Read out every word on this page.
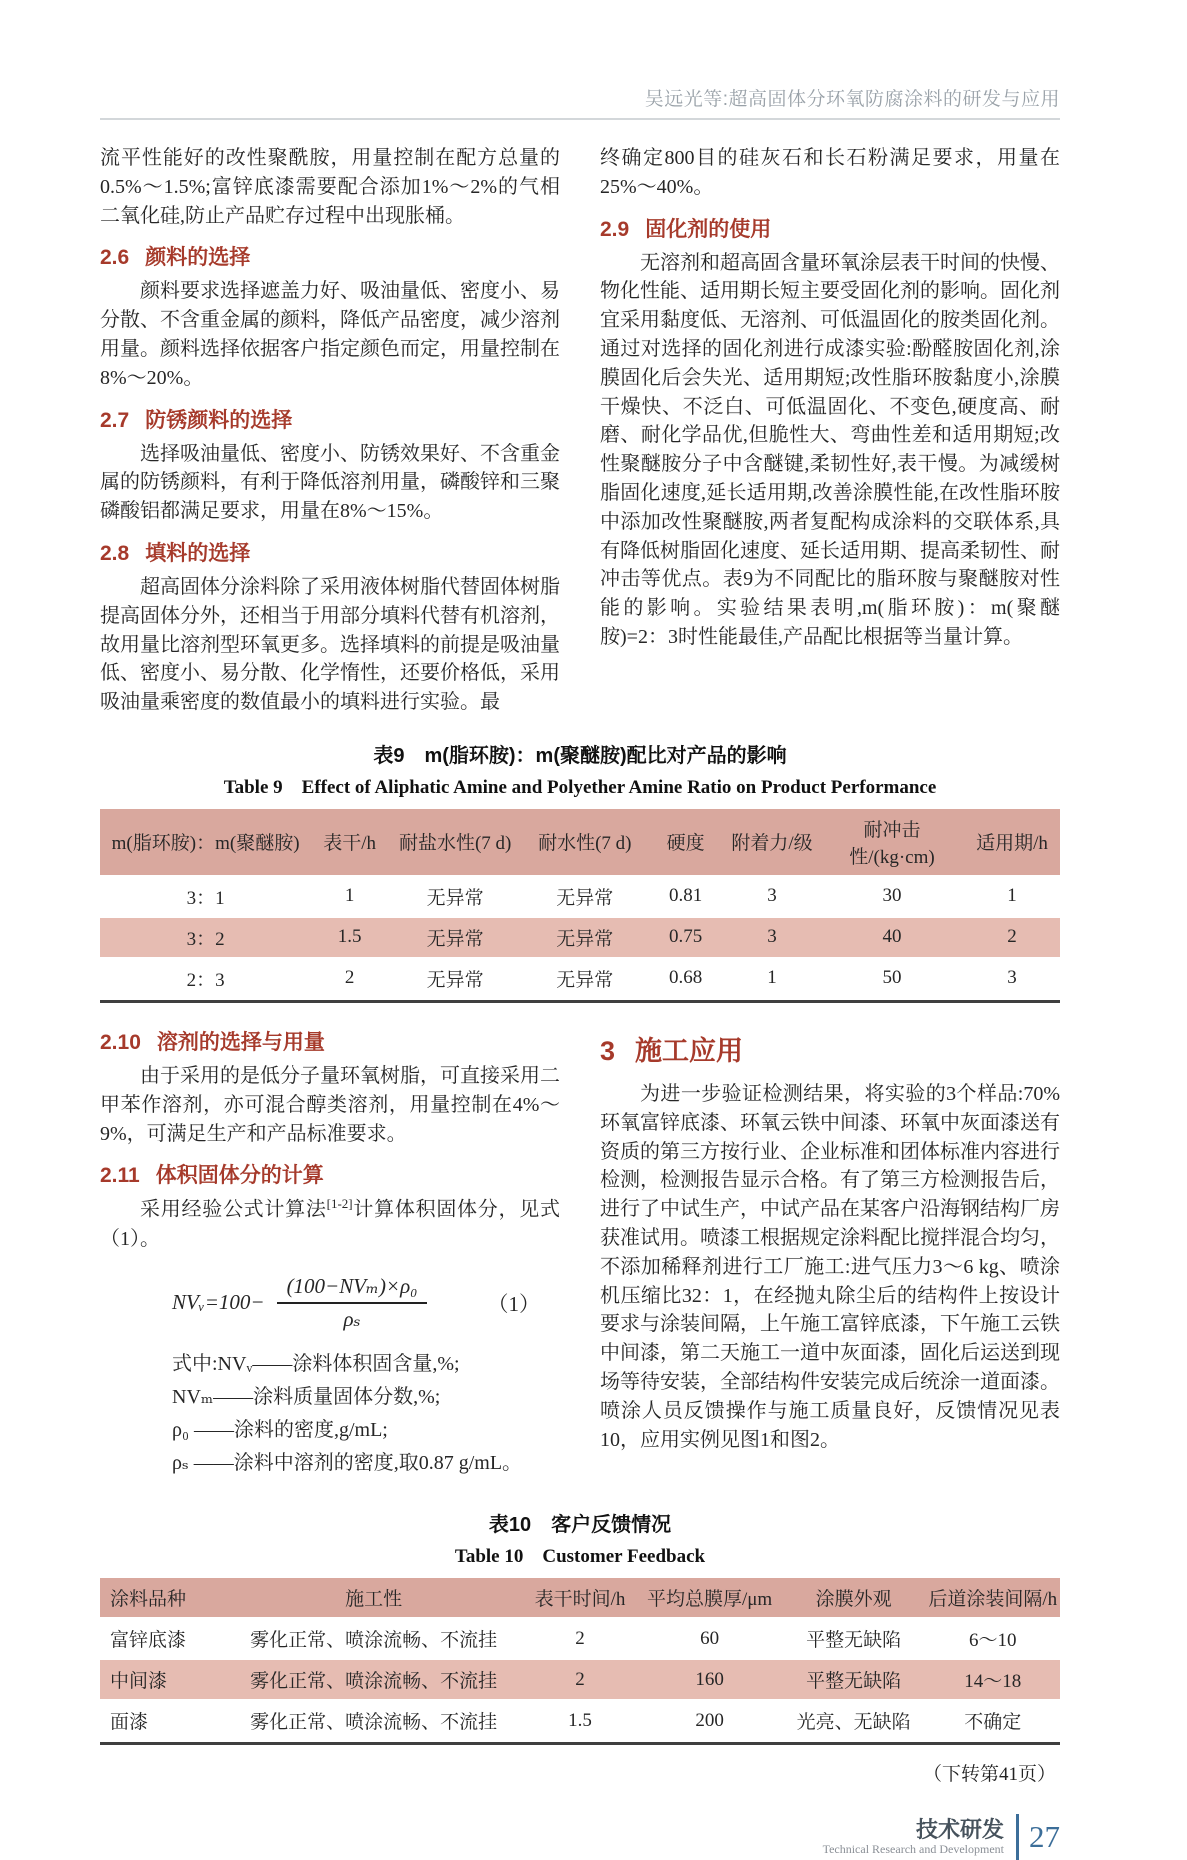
吴远光等:超高固体分环氧防腐涂料的研发与应用

流平性能好的改性聚酰胺，用量控制在配方总量的0.5%～1.5%;富锌底漆需要配合添加1%～2%的气相二氧化硅,防止产品贮存过程中出现胀桶。

2.6 颜料的选择

颜料要求选择遮盖力好、吸油量低、密度小、易分散、不含重金属的颜料，降低产品密度，减少溶剂用量。颜料选择依据客户指定颜色而定，用量控制在8%～20%。

2.7 防锈颜料的选择

选择吸油量低、密度小、防锈效果好、不含重金属的防锈颜料，有利于降低溶剂用量，磷酸锌和三聚磷酸铝都满足要求，用量在8%～15%。

2.8 填料的选择

超高固体分涂料除了采用液体树脂代替固体树脂提高固体分外，还相当于用部分填料代替有机溶剂，故用量比溶剂型环氧更多。选择填料的前提是吸油量低、密度小、易分散、化学惰性，还要价格低，采用吸油量乘密度的数值最小的填料进行实验。最

终确定800目的硅灰石和长石粉满足要求，用量在25%～40%。

2.9 固化剂的使用

无溶剂和超高固含量环氧涂层表干时间的快慢、物化性能、适用期长短主要受固化剂的影响。固化剂宜采用黏度低、无溶剂、可低温固化的胺类固化剂。通过对选择的固化剂进行成漆实验:酚醛胺固化剂,涂膜固化后会失光、适用期短;改性脂环胺黏度小,涂膜干燥快、不泛白、可低温固化、不变色,硬度高、耐磨、耐化学品优,但脆性大、弯曲性差和适用期短;改性聚醚胺分子中含醚键,柔韧性好,表干慢。为减缓树脂固化速度,延长适用期,改善涂膜性能,在改性脂环胺中添加改性聚醚胺,两者复配构成涂料的交联体系,具有降低树脂固化速度、延长适用期、提高柔韧性、耐冲击等优点。表9为不同配比的脂环胺与聚醚胺对性能的影响。实验结果表明,m(脂环胺)：m(聚醚胺)=2：3时性能最佳,产品配比根据等当量计算。

表9　m(脂环胺)：m(聚醚胺)配比对产品的影响
Table 9　Effect of Aliphatic Amine and Polyether Amine Ratio on Product Performance
m(脂环胺)：m(聚醚胺)	表干/h	耐盐水性(7 d)	耐水性(7 d)	硬度	附着力/级	耐冲击性/(kg·cm)	适用期/h
3：1	1	无异常	无异常	0.81	3	30	1
3：2	1.5	无异常	无异常	0.75	3	40	2
2：3	2	无异常	无异常	0.68	1	50	3
2.10 溶剂的选择与用量

由于采用的是低分子量环氧树脂，可直接采用二甲苯作溶剂，亦可混合醇类溶剂，用量控制在4%～9%，可满足生产和产品标准要求。

2.11 体积固体分的计算

采用经验公式计算法[1-2]计算体积固体分，见式（1）。

NVᵥ=100− $\frac{\text{(100−NVₘ)×ρ₀}}{\text{ρₛ}}$	（1）

式中:NVᵥ——涂料体积固含量,%;

NVₘ——涂料质量固体分数,%;

ρ₀ ——涂料的密度,g/mL;

ρₛ ——涂料中溶剂的密度,取0.87 g/mL。

3 施工应用

为进一步验证检测结果，将实验的3个样品:70%环氧富锌底漆、环氧云铁中间漆、环氧中灰面漆送有资质的第三方按行业、企业标准和团体标准内容进行检测，检测报告显示合格。有了第三方检测报告后，进行了中试生产，中试产品在某客户沿海钢结构厂房获准试用。喷漆工根据规定涂料配比搅拌混合均匀，不添加稀释剂进行工厂施工:进气压力3～6 kg、喷涂机压缩比32：1，在经抛丸除尘后的结构件上按设计要求与涂装间隔，上午施工富锌底漆，下午施工云铁中间漆，第二天施工一道中灰面漆，固化后运送到现场等待安装，全部结构件安装完成后统涂一道面漆。喷涂人员反馈操作与施工质量良好，反馈情况见表10，应用实例见图1和图2。

表10　客户反馈情况
Table 10　Customer Feedback
涂料品种	施工性	表干时间/h	平均总膜厚/μm	涂膜外观	后道涂装间隔/h
富锌底漆	雾化正常、喷涂流畅、不流挂	2	60	平整无缺陷	6～10
中间漆	雾化正常、喷涂流畅、不流挂	2	160	平整无缺陷	14～18
面漆	雾化正常、喷涂流畅、不流挂	1.5	200	光亮、无缺陷	不确定
（下转第41页）
技术研发
Technical Research and Development 27
